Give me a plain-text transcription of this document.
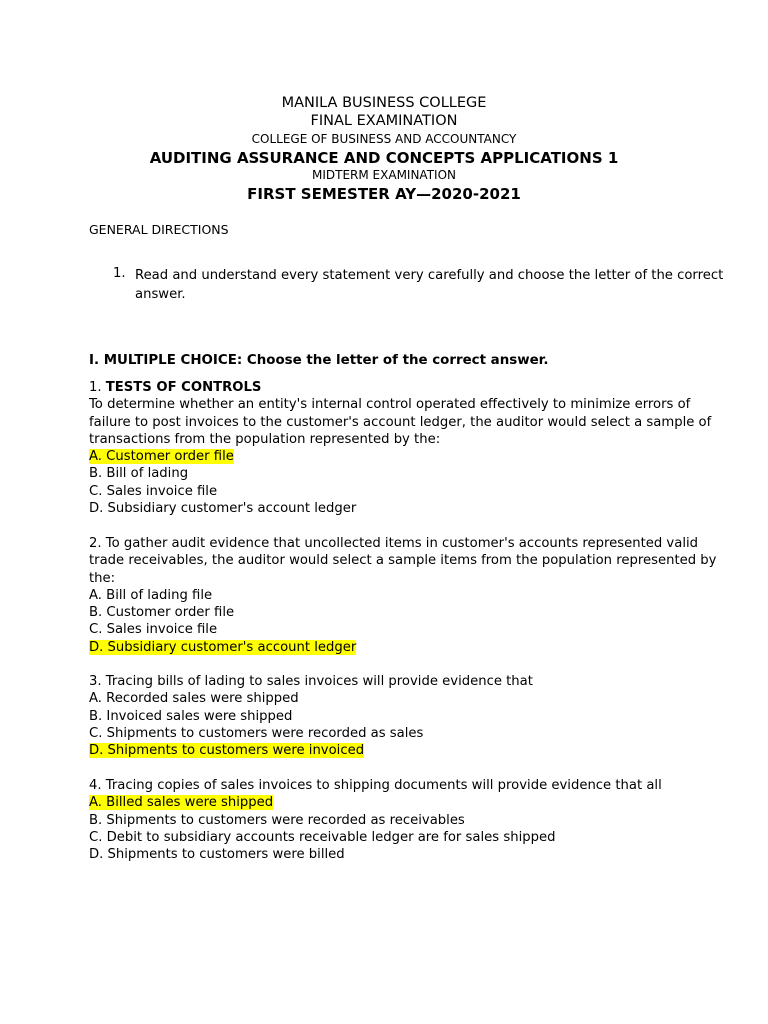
MANILA BUSINESS COLLEGE
FINAL EXAMINATION
COLLEGE OF BUSINESS AND ACCOUNTANCY
AUDITING ASSURANCE AND CONCEPTS APPLICATIONS 1
MIDTERM EXAMINATION
FIRST SEMESTER AY—2020-2021
GENERAL DIRECTIONS
1. Read and understand every statement very carefully and choose the letter of the correct
answer.
I. MULTIPLE CHOICE: Choose the letter of the correct answer.
1. TESTS OF CONTROLS
To determine whether an entity's internal control operated effectively to minimize errors of
failure to post invoices to the customer's account ledger, the auditor would select a sample of
transactions from the population represented by the:
A. Customer order file
B. Bill of lading
C. Sales invoice file
D. Subsidiary customer's account ledger
2. To gather audit evidence that uncollected items in customer's accounts represented valid
trade receivables, the auditor would select a sample items from the population represented by
the:
A. Bill of lading file
B. Customer order file
C. Sales invoice file
D. Subsidiary customer's account ledger
3. Tracing bills of lading to sales invoices will provide evidence that
A. Recorded sales were shipped
B. Invoiced sales were shipped
C. Shipments to customers were recorded as sales
D. Shipments to customers were invoiced
4. Tracing copies of sales invoices to shipping documents will provide evidence that all
A. Billed sales were shipped
B. Shipments to customers were recorded as receivables
C. Debit to subsidiary accounts receivable ledger are for sales shipped
D. Shipments to customers were billed
